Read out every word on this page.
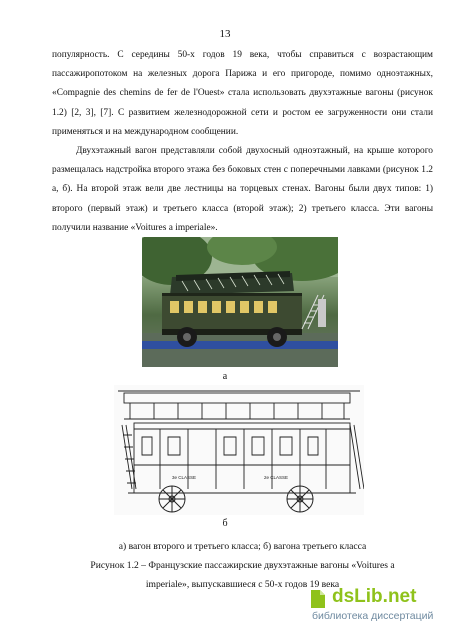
13

популярность. С середины 50-х годов 19 века, чтобы справиться с возрастающим пассажиропотоком на железных дорога Парижа и его пригороде, помимо одноэтажных, «Compagnie des chemins de fer de l'Ouest» стала использовать двухэтажные вагоны (рисунок 1.2) [2, 3], [7]. С развитием железнодорожной сети и ростом ее загруженности они стали применяться и на международном сообщении.

Двухэтажный вагон представляли собой двухосный одноэтажный, на крыше которого размещалась надстройка второго этажа без боковых стен с поперечными лавками (рисунок 1.2 а, б). На второй этаж вели две лестницы на торцевых стенах. Вагоны были двух типов: 1) второго (первый этаж) и третьего класса (второй этаж); 2) третьего класса. Эти вагоны получили название «Voitures a imperiale».

а
3e CLASSE	2e CLASSE
б
а) вагон второго и третьего класса; б) вагона третьего класса
Рисунок 1.2 – Французские пассажирские двухэтажные вагоны «Voitures a
imperiale», выпускавшиеся с 50-х годов 19 века
dsLib.net
библиотека диссертаций
